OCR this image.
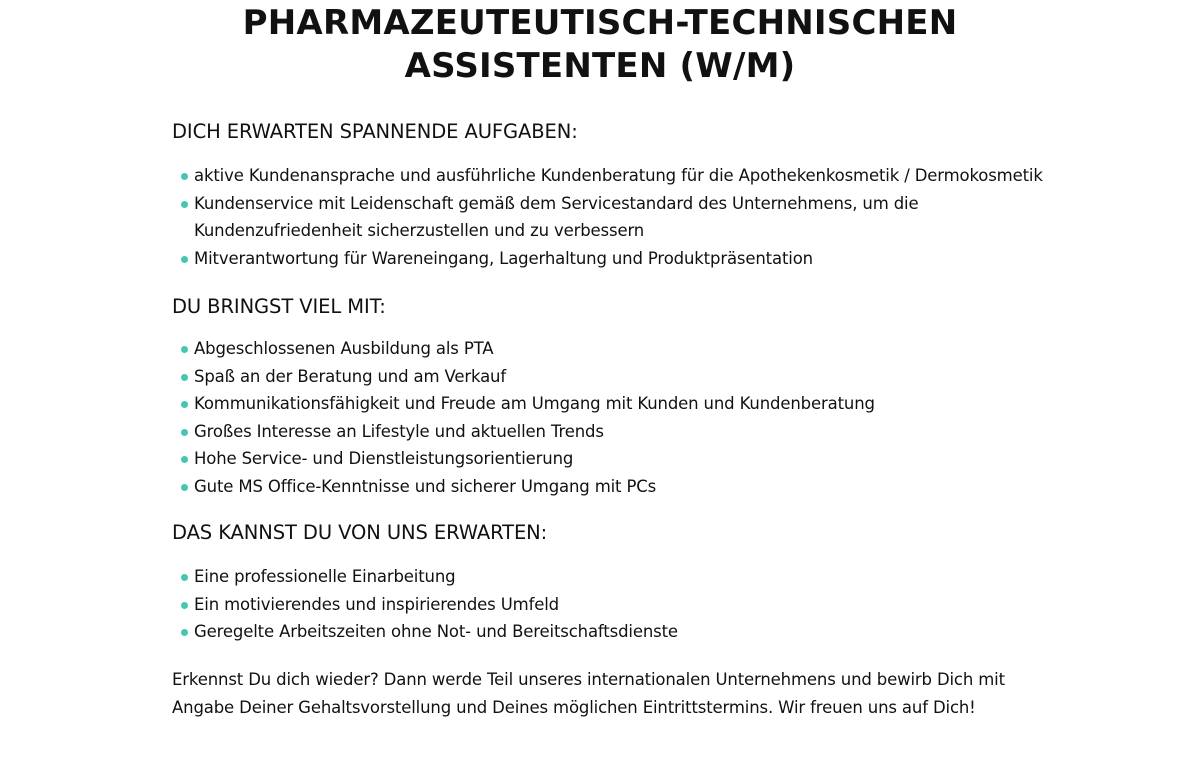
PHARMAZEUTEUTISCH-TECHNISCHEN
ASSISTENTEN (W/M)
DICH ERWARTEN SPANNENDE AUFGABEN:
aktive Kundenansprache und ausführliche Kundenberatung für die Apothekenkosmetik / Dermokosmetik
Kundenservice mit Leidenschaft gemäß dem Servicestandard des Unternehmens, um die Kundenzufriedenheit sicherzustellen und zu verbessern
Mitverantwortung für Wareneingang, Lagerhaltung und Produktpräsentation
DU BRINGST VIEL MIT:
Abgeschlossenen Ausbildung als PTA
Spaß an der Beratung und am Verkauf
Kommunikationsfähigkeit und Freude am Umgang mit Kunden und Kundenberatung
Großes Interesse an Lifestyle und aktuellen Trends
Hohe Service- und Dienstleistungsorientierung
Gute MS Office-Kenntnisse und sicherer Umgang mit PCs
DAS KANNST DU VON UNS ERWARTEN:
Eine professionelle Einarbeitung
Ein motivierendes und inspirierendes Umfeld
Geregelte Arbeitszeiten ohne Not- und Bereitschaftsdienste

Erkennst Du dich wieder? Dann werde Teil unseres internationalen Unternehmens und bewirb Dich mit Angabe Deiner Gehaltsvorstellung und Deines möglichen Eintrittstermins. Wir freuen uns auf Dich!
